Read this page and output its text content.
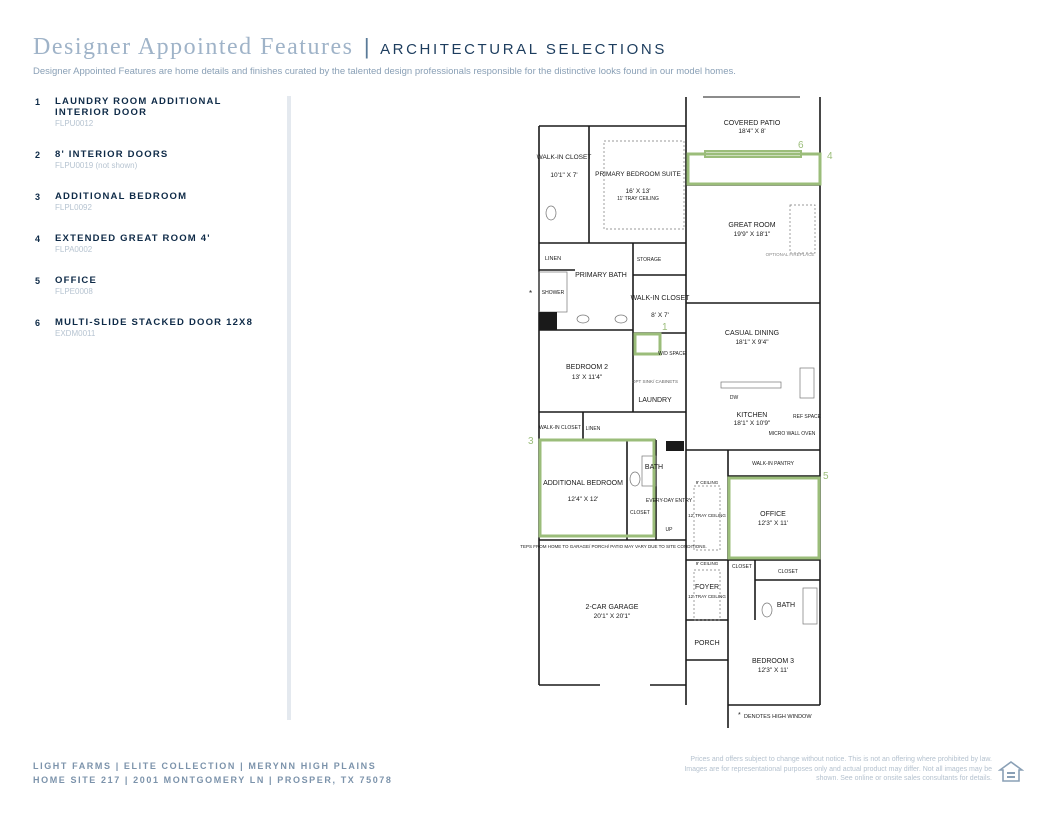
Designer Appointed Features | ARCHITECTURAL SELECTIONS
Designer Appointed Features are home details and finishes curated by the talented design professionals responsible for the distinctive looks found in our model homes.
1 LAUNDRY ROOM ADDITIONAL INTERIOR DOOR
FLPU0012
2 8' INTERIOR DOORS
FLPU0019 (not shown)
3 ADDITIONAL BEDROOM
FLPL0092
4 EXTENDED GREAT ROOM 4'
FLPA0002
5 OFFICE
FLPE0008
6 MULTI-SLIDE STACKED DOOR 12X8
EXDM0011
1
3
4
5
6
COVERED PATIO
18'4" X 8'
WALK-IN CLOSET
10'1" X 7'	PRIMARY BEDROOM SUITE
16' X 13'
11' TRAY CEILING
GREAT ROOM
19'9" X 18'1"
OPTIONAL FIREPLACE
LINEN	STORAGE
PRIMARY BATH
SHOWER
WALK-IN CLOSET
8' X 7'
CASUAL DINING
18'1" X 9'4"
BEDROOM 2
13' X 11'4"
W/D SPACE
OPT SINK/ CABINETS
LAUNDRY	DW
REF SPACE
KITCHEN
18'1" X 10'9"
MICRO WALL OVEN
WALK-IN CLOSET LINEN
WALK-IN PANTRY
ADDITIONAL BEDROOM
12'4" X 12'
BATH
CLOSET
EVERY-DAY ENTRY
UP
9' CEILING
12' TRAY CEILING	OFFICE
12'3" X 11'
STEPS FROM HOME TO GARAGE/ PORCH/ PATIO MAY VARY DUE TO SITE CONDITIONS.
9' CEILING
CLOSET
CLOSET
FOYER
12' TRAY CEILING
BATH
2-CAR GARAGE
20'1" X 20'1"
PORCH
BEDROOM 3
12'3" X 11'
*
* DENOTES HIGH WINDOW
LIGHT FARMS | ELITE COLLECTION | MERYNN HIGH PLAINS
HOME SITE 217 | 2001 MONTGOMERY LN | PROSPER, TX 75078
Prices and offers subject to change without notice. This is not an offering where prohibited by law. Images are for representational purposes only and actual product may differ. Not all images may be shown. See online or onsite sales consultants for details.
